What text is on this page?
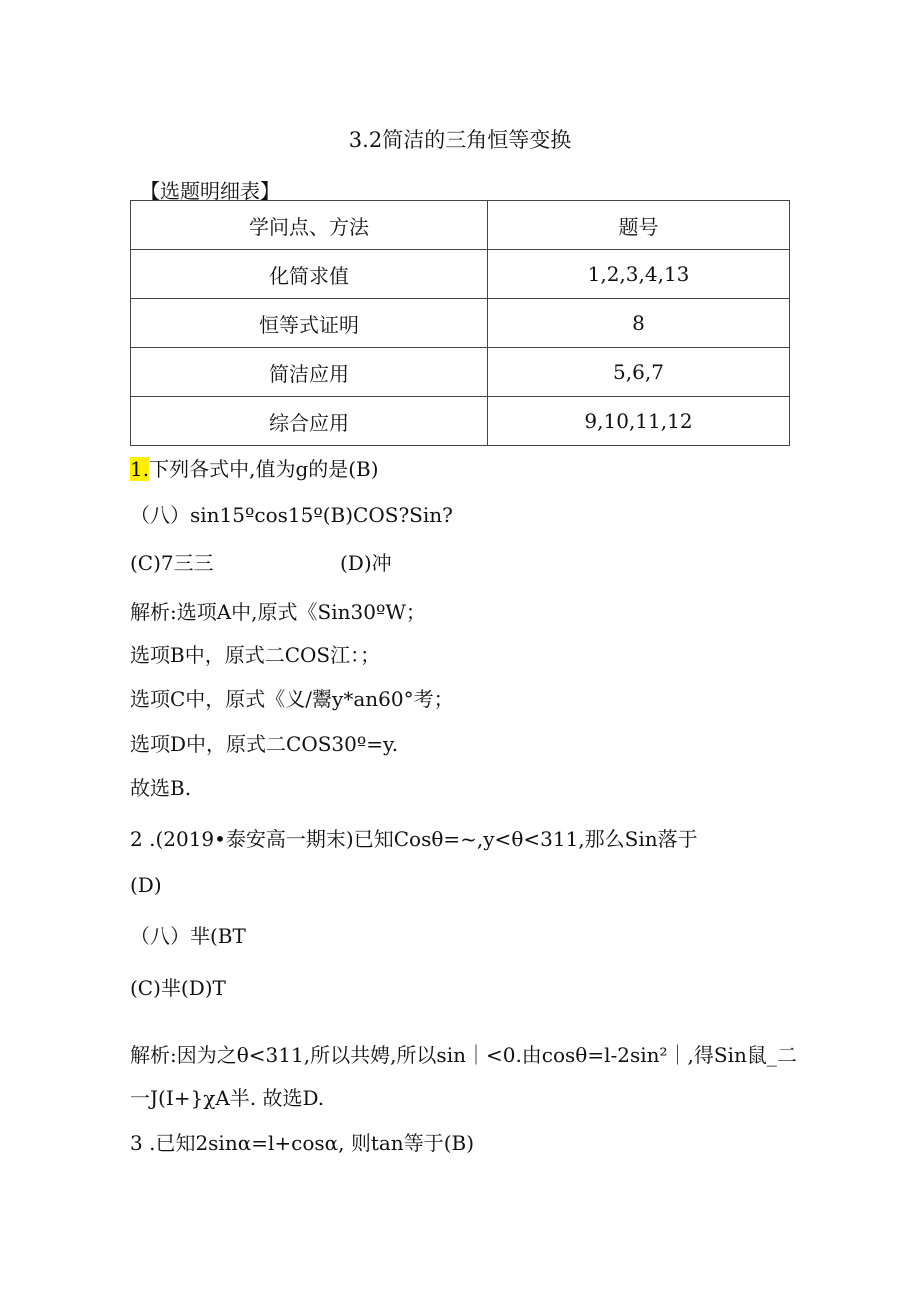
3.2简洁的三角恒等变换
【选题明细表】
学问点、方法	题号
化简求值	1,2,3,4,13
恒等式证明	8
简洁应用	5,6,7
综合应用	9,10,11,12
1.下列各式中,值为g的是(B)
（八）sin15ºcos15º(B)COS?Sin?
(C)7三三	(D)冲
解析:选项A中,原式《Sin30ºW；
选项B中，原式二COS江：；
选项C中，原式《义/鬻y*an60°考；
选项D中，原式二COS30º=y.
故选B.
2 .(2019•泰安高一期末)已知Cosθ=~,y<θ<311,那么Sin落于
(D)
（八）芈(BT
(C)芈(D)T
解析:因为之θ<311,所以共娉,所以sin｜<0.由cosθ=l-2sin²｜,得Sin鼠_二
一J(I+}χA半. 故选D.
3 .已知2sinα=l+cosα, 则tan等于(B)
